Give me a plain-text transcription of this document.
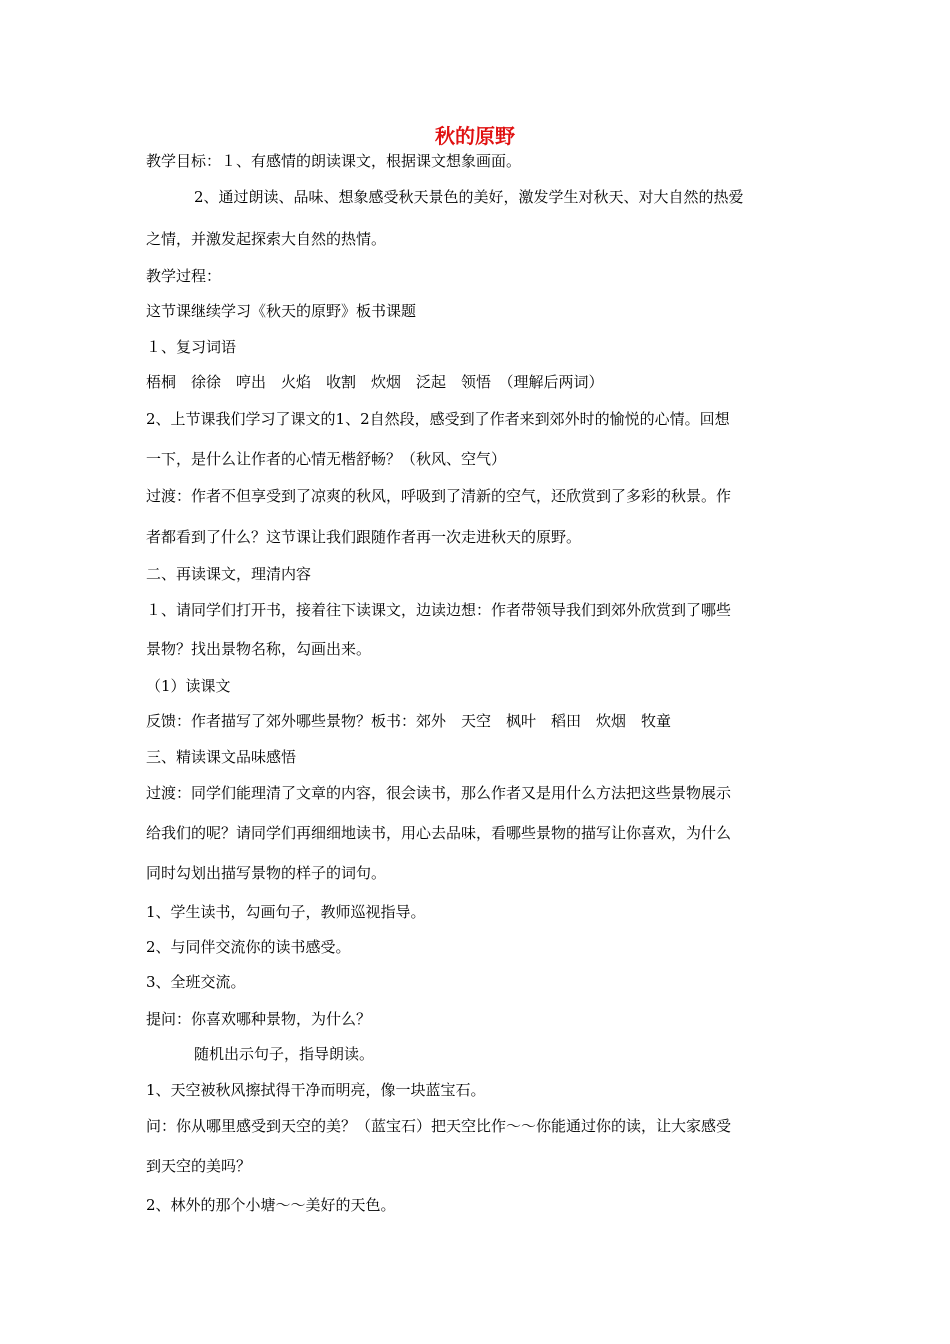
秋的原野
教学目标：１、有感情的朗读课文，根据课文想象画面。
2、通过朗读、品味、想象感受秋天景色的美好，激发学生对秋天、对大自然的热爱
之情，并激发起探索大自然的热情。
教学过程：
这节课继续学习《秋天的原野》板书课题
１、复习词语
梧桐　徐徐　哼出　火焰　收割　炊烟　泛起　领悟　（理解后两词）
2、上节课我们学习了课文的1、2自然段，感受到了作者来到郊外时的愉悦的心情。回想
一下，是什么让作者的心情无楷舒畅？（秋风、空气）
过渡：作者不但享受到了凉爽的秋风，呼吸到了清新的空气，还欣赏到了多彩的秋景。作
者都看到了什么？这节课让我们跟随作者再一次走进秋天的原野。
二、再读课文，理清内容
１、请同学们打开书，接着往下读课文，边读边想：作者带领导我们到郊外欣赏到了哪些
景物？找出景物名称，勾画出来。
（1）读课文
反馈：作者描写了郊外哪些景物？板书：郊外　天空　枫叶　稻田　炊烟　牧童
三、精读课文品味感悟
过渡：同学们能理清了文章的内容，很会读书，那么作者又是用什么方法把这些景物展示
给我们的呢？请同学们再细细地读书，用心去品味，看哪些景物的描写让你喜欢，为什么
同时勾划出描写景物的样子的词句。
1、学生读书，勾画句子，教师巡视指导。
2、与同伴交流你的读书感受。
3、全班交流。
提问：你喜欢哪种景物，为什么？
随机出示句子，指导朗读。
1、天空被秋风擦拭得干净而明亮，像一块蓝宝石。
问：你从哪里感受到天空的美？（蓝宝石）把天空比作～～你能通过你的读，让大家感受
到天空的美吗？
2、林外的那个小塘～～美好的天色。
